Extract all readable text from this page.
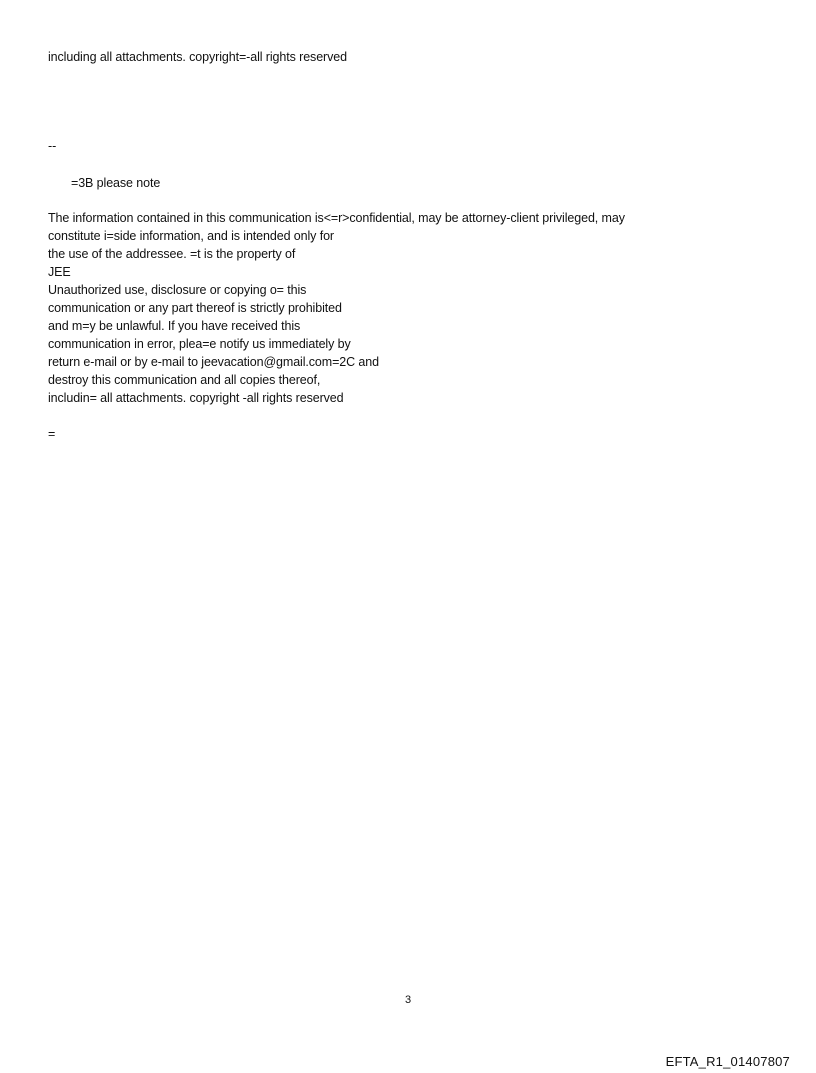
including all attachments. copyright=-all rights reserved
--
=3B please note
The information contained in this communication is<=r>confidential, may be attorney-client privileged, may
constitute i=side information, and is intended only for
the use of the addressee. =t is the property of
JEE
Unauthorized use, disclosure or copying o= this
communication or any part thereof is strictly prohibited
and m=y be unlawful. If you have received this
communication in error, plea=e notify us immediately by
return e-mail or by e-mail to jeevacation@gmail.com=2C and
destroy this communication and all copies thereof,
includin= all attachments. copyright -all rights reserved
=
3
EFTA_R1_01407807
